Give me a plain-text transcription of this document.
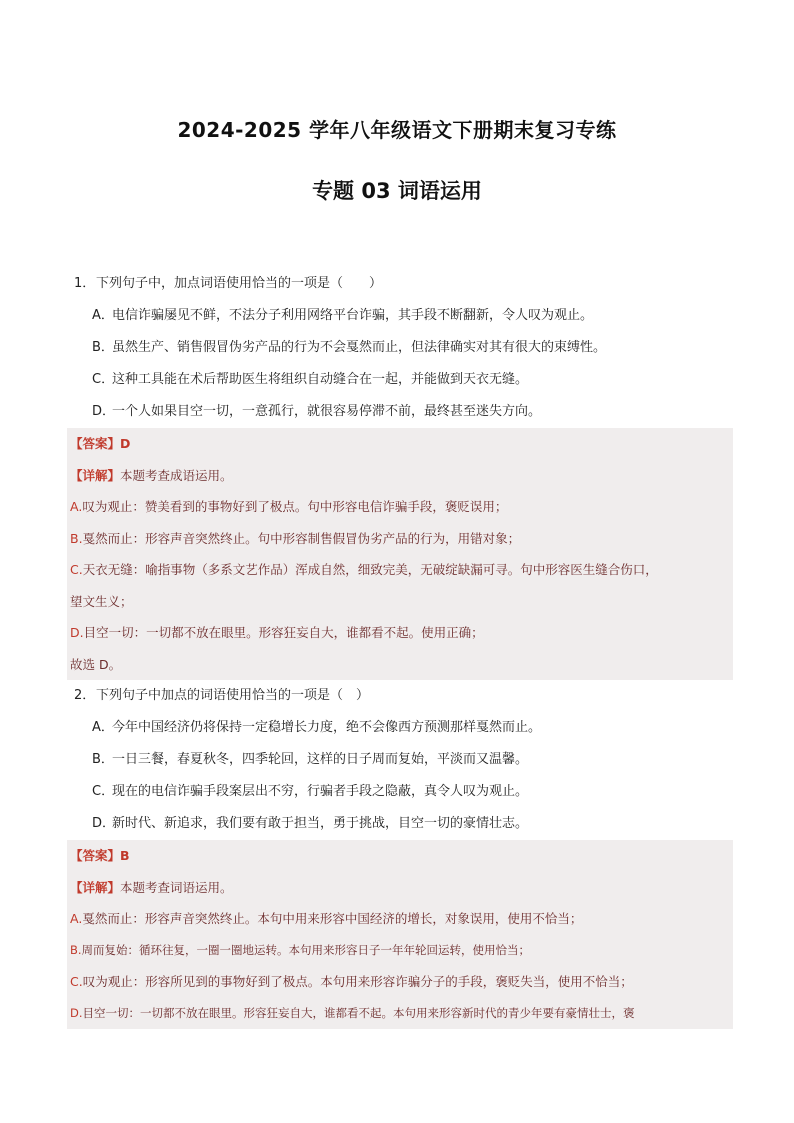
2024-2025 学年八年级语文下册期末复习专练
专题 03 词语运用
1．下列句子中，加点词语使用恰当的一项是（　　）
A．电信诈骗屡见不鲜，不法分子利用网络平台诈骗，其手段不断翻新，令人叹为观止。
B．虽然生产、销售假冒伪劣产品的行为不会戛然而止，但法律确实对其有很大的束缚性。
C．这种工具能在术后帮助医生将组织自动缝合在一起，并能做到天衣无缝。
D．一个人如果目空一切，一意孤行，就很容易停滞不前，最终甚至迷失方向。
【答案】D
【详解】本题考查成语运用。
A.叹为观止：赞美看到的事物好到了极点。句中形容电信诈骗手段，褒贬误用；
B.戛然而止：形容声音突然终止。句中形容制售假冒伪劣产品的行为，用错对象；
C.天衣无缝：喻指事物（多系文艺作品）浑成自然，细致完美，无破绽缺漏可寻。句中形容医生缝合伤口，
望文生义；
D.目空一切：一切都不放在眼里。形容狂妄自大，谁都看不起。使用正确；
故选 D。
2．下列句子中加点的词语使用恰当的一项是（　）
A．今年中国经济仍将保持一定稳增长力度，绝不会像西方预测那样戛然而止。
B．一日三餐，春夏秋冬，四季轮回，这样的日子周而复始，平淡而又温馨。
C．现在的电信诈骗手段案层出不穷，行骗者手段之隐蔽，真令人叹为观止。
D．新时代、新追求，我们要有敢于担当，勇于挑战，目空一切的豪情壮志。
【答案】B
【详解】本题考查词语运用。
A.戛然而止：形容声音突然终止。本句中用来形容中国经济的增长，对象误用，使用不恰当；
B.周而复始：循环往复，一圈一圈地运转。本句用来形容日子一年年轮回运转，使用恰当；
C.叹为观止：形容所见到的事物好到了极点。本句用来形容诈骗分子的手段，褒贬失当，使用不恰当；
D.目空一切：一切都不放在眼里。形容狂妄自大，谁都看不起。本句用来形容新时代的青少年要有豪情壮士，褒
